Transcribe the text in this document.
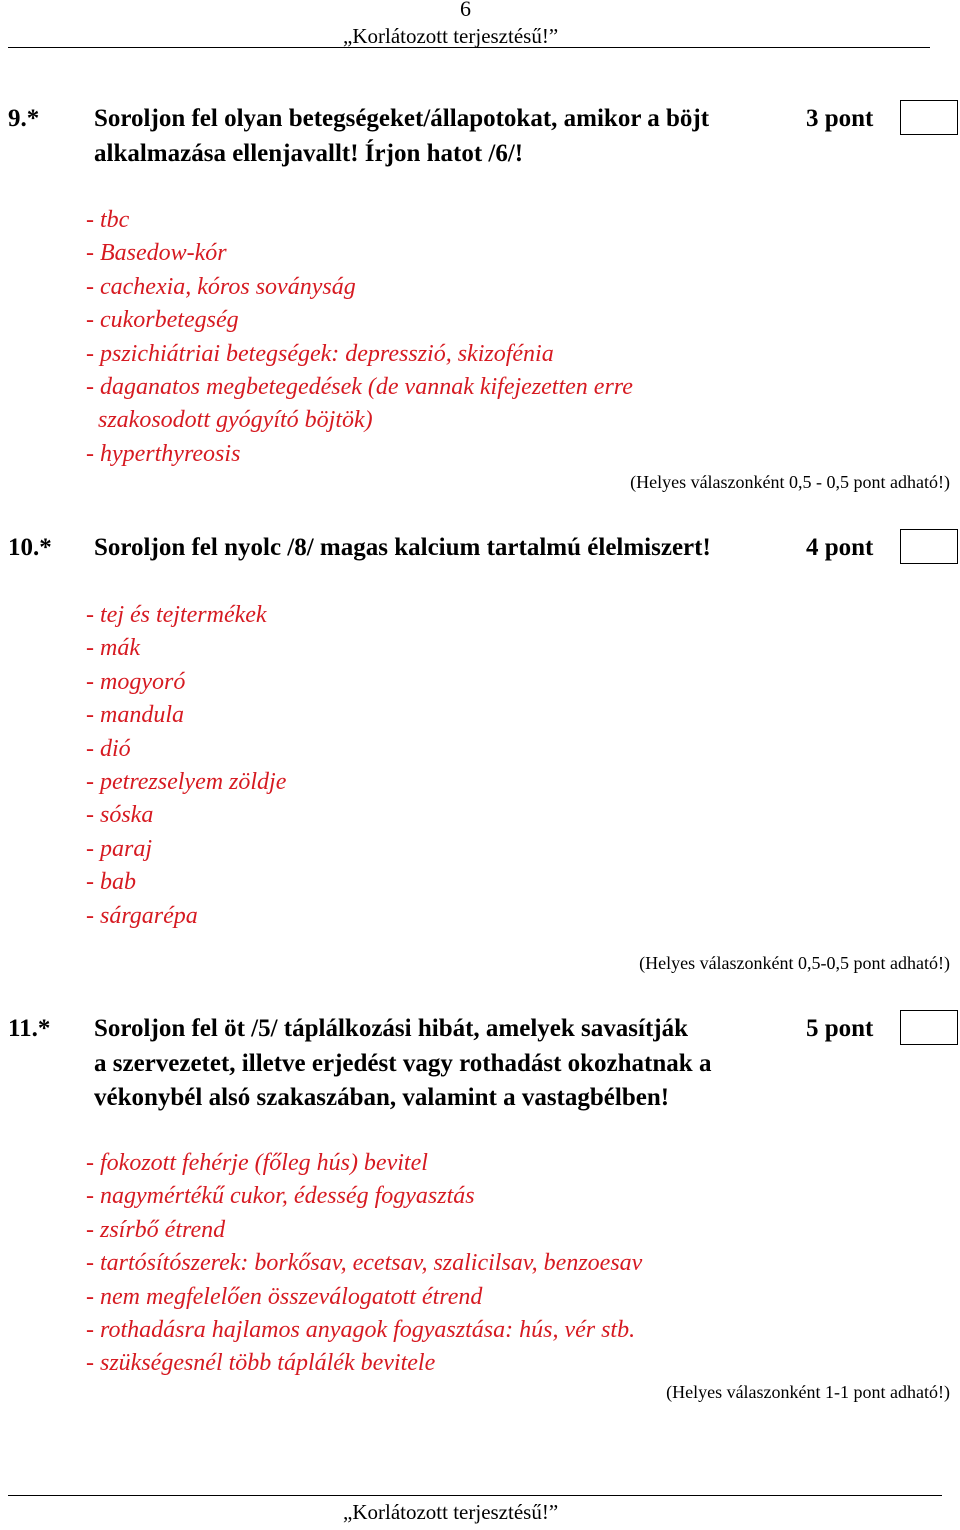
6
„Korlátozott terjesztésű!”
9.* Soroljon fel olyan betegségeket/állapotokat, amikor a böjt
alkalmazása ellenjavallt! Írjon hatot /6/!
3 pont
- tbc
- Basedow-kór
- cachexia, kóros soványság
- cukorbetegség
- pszichiátriai betegségek: depresszió, skizofénia
- daganatos megbetegedések (de vannak kifejezetten erre
szakosodott gyógyító böjtök)
- hyperthyreosis
(Helyes válaszonként 0,5 - 0,5 pont adható!)
10.* Soroljon fel nyolc /8/ magas kalcium tartalmú élelmiszert!	4 pont
- tej és tejtermékek
- mák
- mogyoró
- mandula
- dió
- petrezselyem zöldje
- sóska
- paraj
- bab
- sárgarépa
(Helyes válaszonként 0,5-0,5 pont adható!)
11.* Soroljon fel öt /5/ táplálkozási hibát, amelyek savasítják
a szervezetet, illetve erjedést vagy rothadást okozhatnak a
vékonybél alsó szakaszában, valamint a vastagbélben!
5 pont
- fokozott fehérje (főleg hús) bevitel
- nagymértékű cukor, édesség fogyasztás
- zsírbő étrend
- tartósítószerek: borkősav, ecetsav, szalicilsav, benzoesav
- nem megfelelően összeválogatott étrend
- rothadásra hajlamos anyagok fogyasztása: hús, vér stb.
- szükségesnél több táplálék bevitele
(Helyes válaszonként 1-1 pont adható!)
„Korlátozott terjesztésű!”
